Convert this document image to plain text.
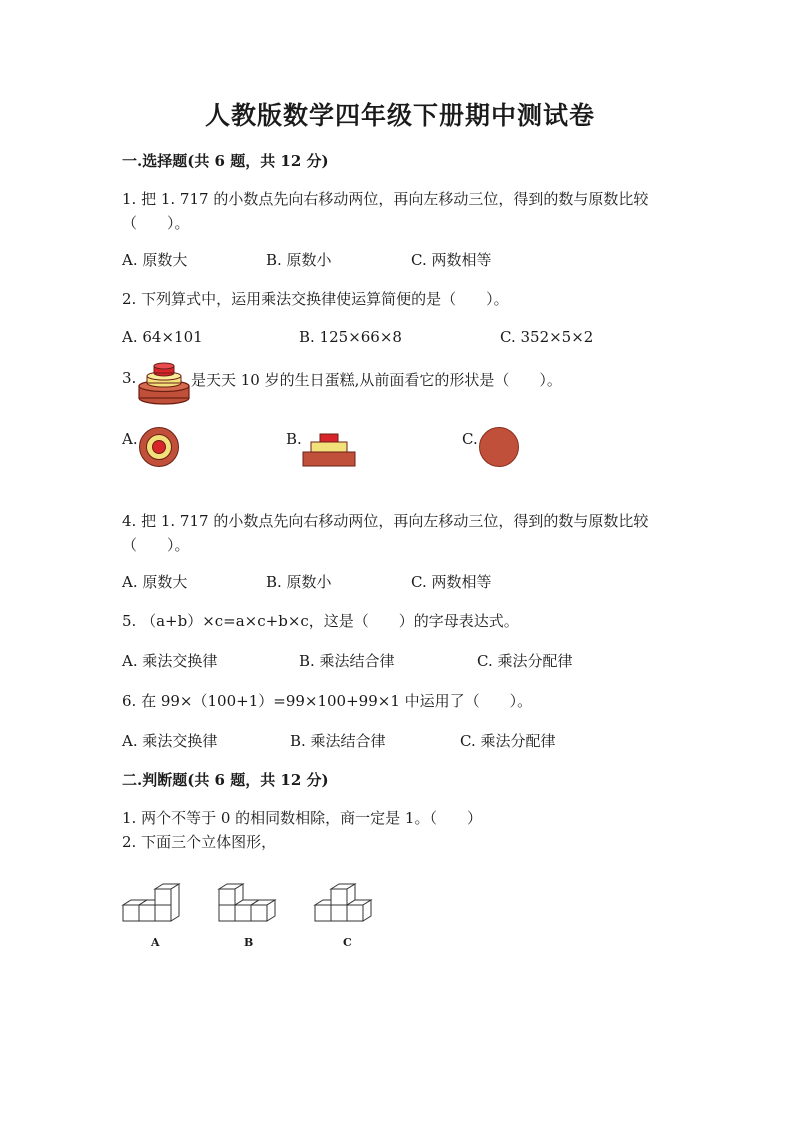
人教版数学四年级下册期中测试卷
一.选择题(共 6 题，共 12 分)
1. 把 1. 717 的小数点先向右移动两位，再向左移动三位，得到的数与原数比较
（　　）。
A. 原数大	B. 原数小	C. 两数相等
2. 下列算式中，运用乘法交换律使运算简便的是（　　）。
A. 64×101	B. 125×66×8	C. 352×5×2
3.	是天天 10 岁的生日蛋糕,从前面看它的形状是（　　）。
A.	B.	C.
4. 把 1. 717 的小数点先向右移动两位，再向左移动三位，得到的数与原数比较
（　　）。
A. 原数大	B. 原数小	C. 两数相等
5. （a+b）×c=a×c+b×c，这是（　　）的字母表达式。
A. 乘法交换律	B. 乘法结合律	C. 乘法分配律
6. 在 99×（100+1）=99×100+99×1 中运用了（　　）。
A. 乘法交换律	B. 乘法结合律	C. 乘法分配律
二.判断题(共 6 题，共 12 分)
1. 两个不等于 0 的相同数相除，商一定是 1。（　　）
2. 下面三个立体图形，
A	B	C
